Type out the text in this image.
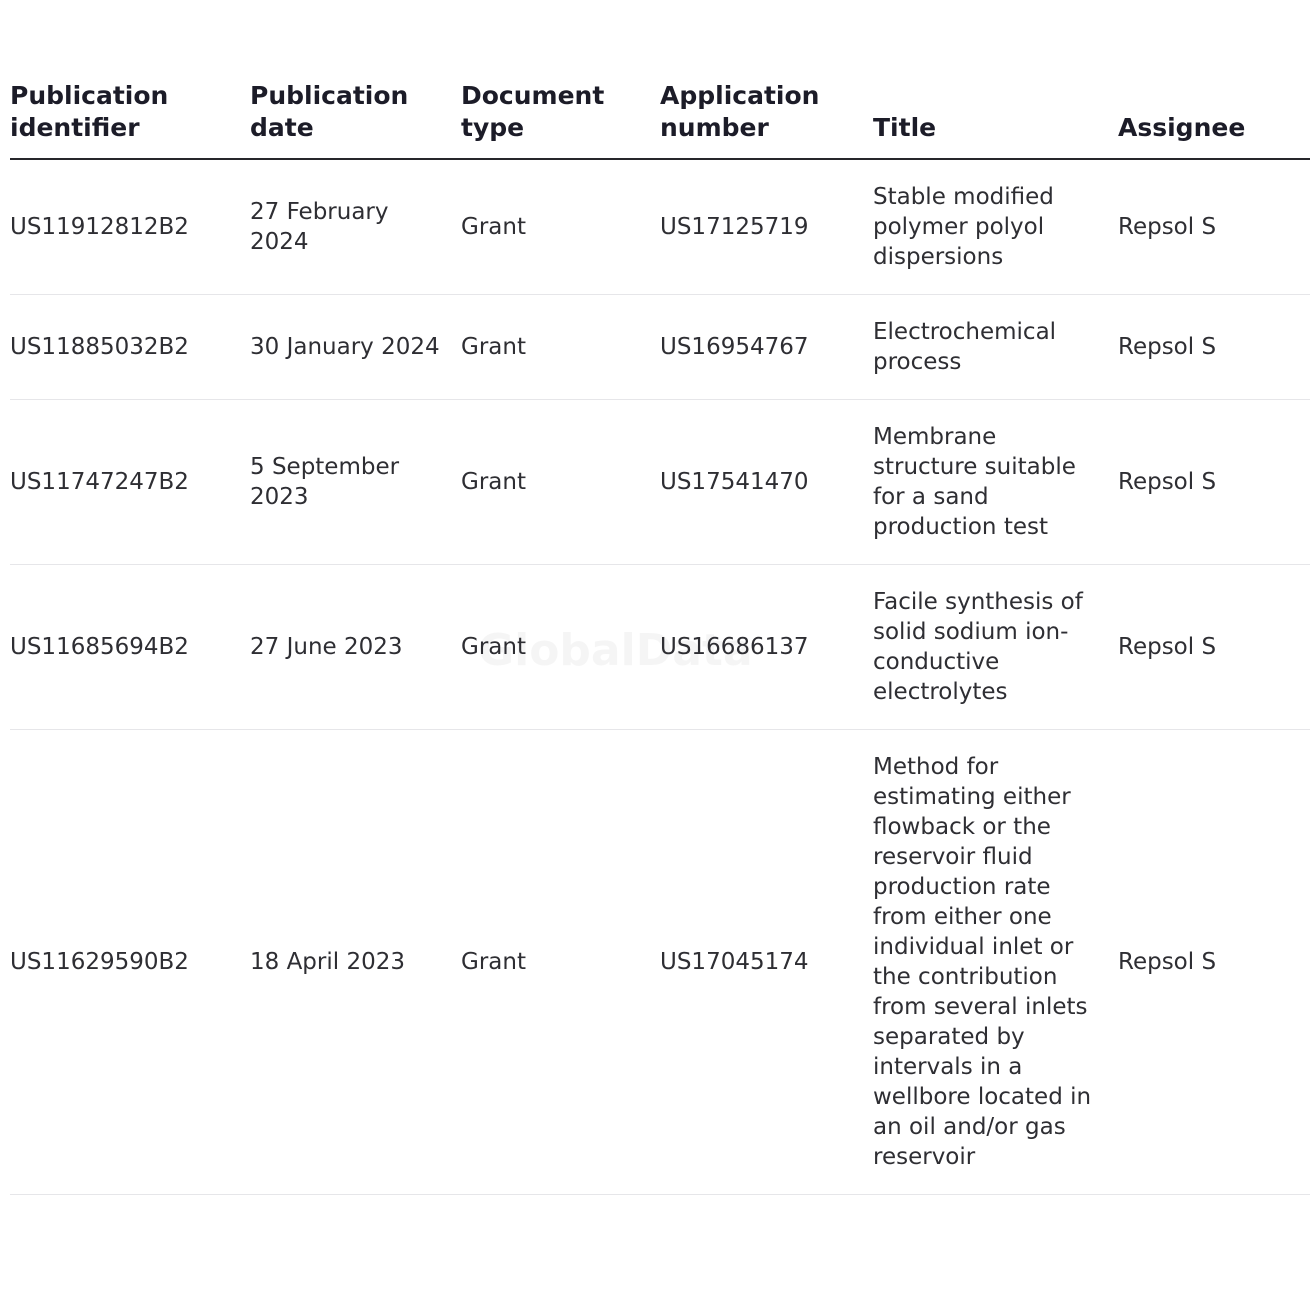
Publication identifier	Publication date	Document type	Application number	Title	Assignee
US11912812B2	27 February 2024	Grant	US17125719	Stable modified polymer polyol dispersions	Repsol S
US11885032B2	30 January 2024	Grant	US16954767	Electrochemical process	Repsol S
US11747247B2	5 September 2023	Grant	US17541470	Membrane structure suitable for a sand production test	Repsol S
US11685694B2	27 June 2023	Grant	US16686137	Facile synthesis of solid sodium ion-conductive electrolytes	Repsol S
US11629590B2	18 April 2023	Grant	US17045174	Method for estimating either flowback or the reservoir fluid production rate from either one individual inlet or the contribution from several inlets separated by intervals in a wellbore located in an oil and/or gas reservoir	Repsol S
